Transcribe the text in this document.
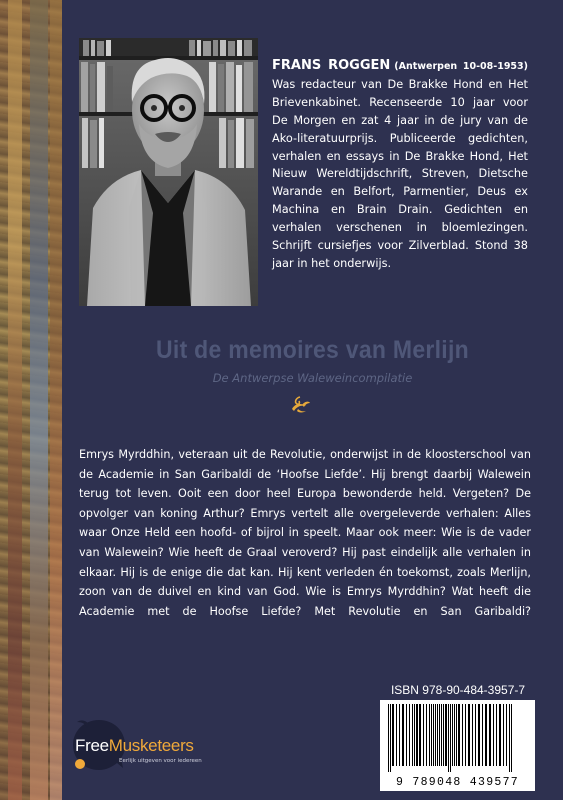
FRANS ROGGEN (Antwerpen 10-08-1953) Was redacteur van De Brakke Hond en Het Brievenkabinet. Recenseerde 10 jaar voor De Morgen en zat 4 jaar in de jury van de Ako-literatuurprijs. Publiceerde gedichten, verhalen en essays in De Brakke Hond, Het Nieuw Wereldtijdschrift, Streven, Dietsche Warande en Belfort, Parmentier, Deus ex Machina en Brain Drain. Gedichten en verhalen verschenen in bloemlezingen. Schrijft cursiefjes voor Zilverblad. Stond 38 jaar in het onderwijs.
Uit de memoires van Merlijn
De Antwerpse Waleweincompilatie
Emrys Myrddhin, veteraan uit de Revolutie, onderwijst in de kloosterschool van de Academie in San Garibaldi de ‘Hoofse Liefde’. Hij brengt daarbij Walewein terug tot leven. Ooit een door heel Europa bewonderde held. Vergeten? De opvolger van koning Arthur? Emrys vertelt alle overgeleverde verhalen: Alles waar Onze Held een hoofd- of bijrol in speelt. Maar ook meer: Wie is de vader van Walewein? Wie heeft de Graal veroverd? Hij past eindelijk alle verhalen in elkaar. Hij is de enige die dat kan. Hij kent verleden én toekomst, zoals Merlijn, zoon van de duivel en kind van God. Wie is Emrys Myrddhin? Wat heeft die Academie met de Hoofse Liefde? Met Revolutie en San Garibaldi?
ISBN 978-90-484-3957-7
9 789048 439577
FreeMusketeers
Eerlijk uitgeven voor iedereen
